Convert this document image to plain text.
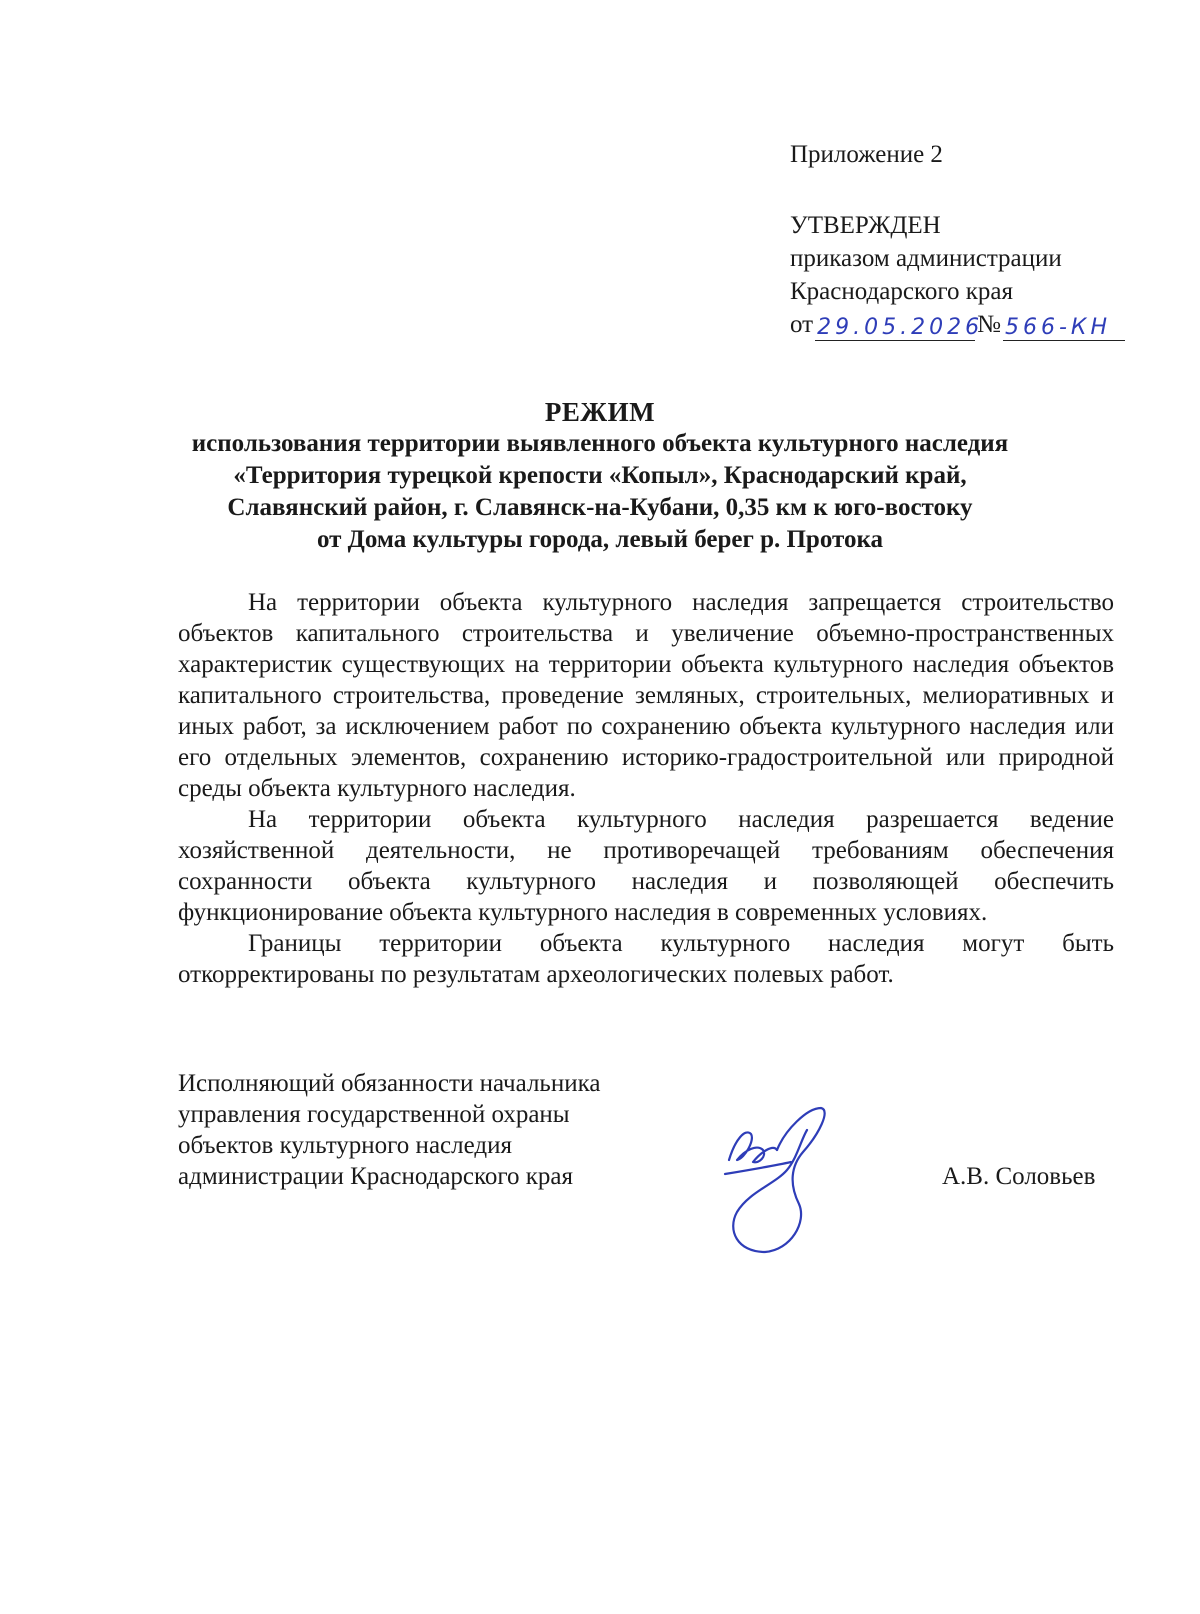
Приложение 2
УТВЕРЖДЕН
приказом администрации
Краснодарского края
от 29.05.2026
№ 566-КН
РЕЖИМ
использования территории выявленного объекта культурного наследия
«Территория турецкой крепости «Копыл», Краснодарский край,
Славянский район, г. Славянск-на-Кубани, 0,35 км к юго-востоку
от Дома культуры города, левый берег р. Протока

На территории объекта культурного наследия запрещается строительство объектов капитального строительства и увеличение объемно-пространственных характеристик существующих на территории объекта культурного наследия объектов капитального строительства, проведение земляных, строительных, мелиоративных и иных работ, за исключением работ по сохранению объекта культурного наследия или его отдельных элементов, сохранению историко-градостроительной или природной среды объекта культурного наследия.

На территории объекта культурного наследия разрешается ведение хозяйственной деятельности, не противоречащей требованиям обеспечения сохранности объекта культурного наследия и позволяющей обеспечить функционирование объекта культурного наследия в современных условиях.

Границы территории объекта культурного наследия могут быть откорректированы по результатам археологических полевых работ.

Исполняющий обязанности начальника
управления государственной охраны
объектов культурного наследия
администрации Краснодарского края	А.В. Соловьев
